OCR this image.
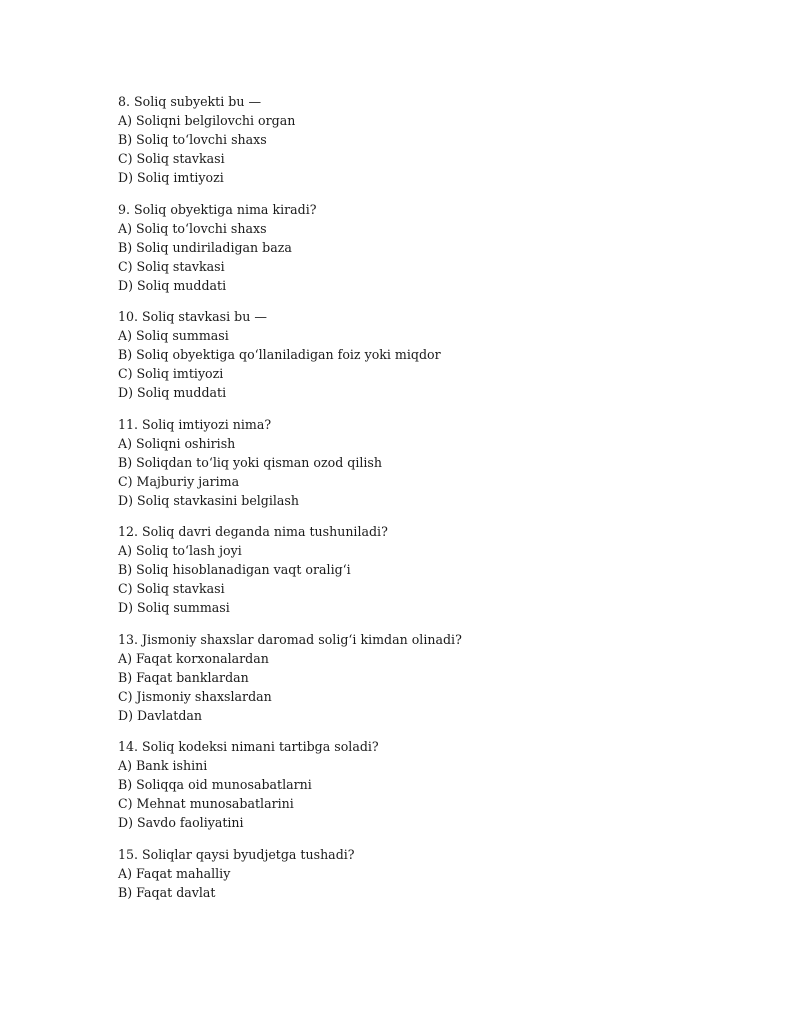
8. Soliq subyekti bu —
A) Soliqni belgilovchi organ
B) Soliq to‘lovchi shaxs
C) Soliq stavkasi
D) Soliq imtiyozi
9. Soliq obyektiga nima kiradi?
A) Soliq to‘lovchi shaxs
B) Soliq undiriladigan baza
C) Soliq stavkasi
D) Soliq muddati
10. Soliq stavkasi bu —
A) Soliq summasi
B) Soliq obyektiga qo‘llaniladigan foiz yoki miqdor
C) Soliq imtiyozi
D) Soliq muddati
11. Soliq imtiyozi nima?
A) Soliqni oshirish
B) Soliqdan to‘liq yoki qisman ozod qilish
C) Majburiy jarima
D) Soliq stavkasini belgilash
12. Soliq davri deganda nima tushuniladi?
A) Soliq to‘lash joyi
B) Soliq hisoblanadigan vaqt oralig‘i
C) Soliq stavkasi
D) Soliq summasi
13. Jismoniy shaxslar daromad solig‘i kimdan olinadi?
A) Faqat korxonalardan
B) Faqat banklardan
C) Jismoniy shaxslardan
D) Davlatdan
14. Soliq kodeksi nimani tartibga soladi?
A) Bank ishini
B) Soliqqa oid munosabatlarni
C) Mehnat munosabatlarini
D) Savdo faoliyatini
15. Soliqlar qaysi byudjetga tushadi?
A) Faqat mahalliy
B) Faqat davlat
